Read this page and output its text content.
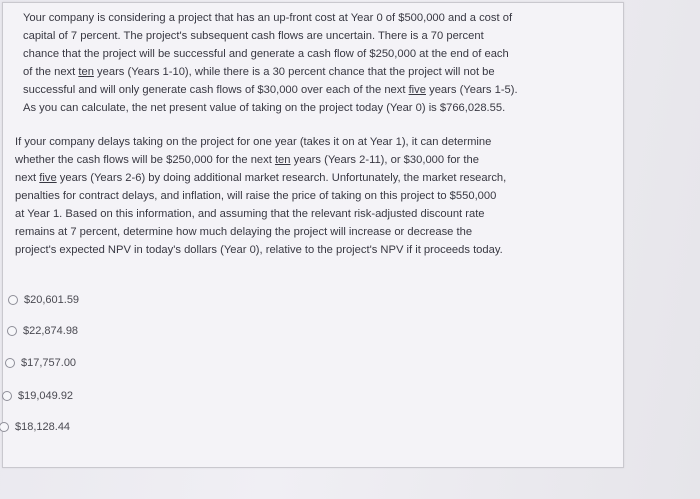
Your company is considering a project that has an up-front cost at Year 0 of $500,000 and a cost of
capital of 7 percent. The project's subsequent cash flows are uncertain. There is a 70 percent
chance that the project will be successful and generate a cash flow of $250,000 at the end of each
of the next ten years (Years 1-10), while there is a 30 percent chance that the project will not be
successful and will only generate cash flows of $30,000 over each of the next five years (Years 1-5).
As you can calculate, the net present value of taking on the project today (Year 0) is $766,028.55.

If your company delays taking on the project for one year (takes it on at Year 1), it can determine
whether the cash flows will be $250,000 for the next ten years (Years 2-11), or $30,000 for the
next five years (Years 2-6) by doing additional market research. Unfortunately, the market research,
penalties for contract delays, and inflation, will raise the price of taking on this project to $550,000
at Year 1. Based on this information, and assuming that the relevant risk-adjusted discount rate
remains at 7 percent, determine how much delaying the project will increase or decrease the
project's expected NPV in today's dollars (Year 0), relative to the project's NPV if it proceeds today.

$20,601.59
$22,874.98
$17,757.00
$19,049.92
$18,128.44
